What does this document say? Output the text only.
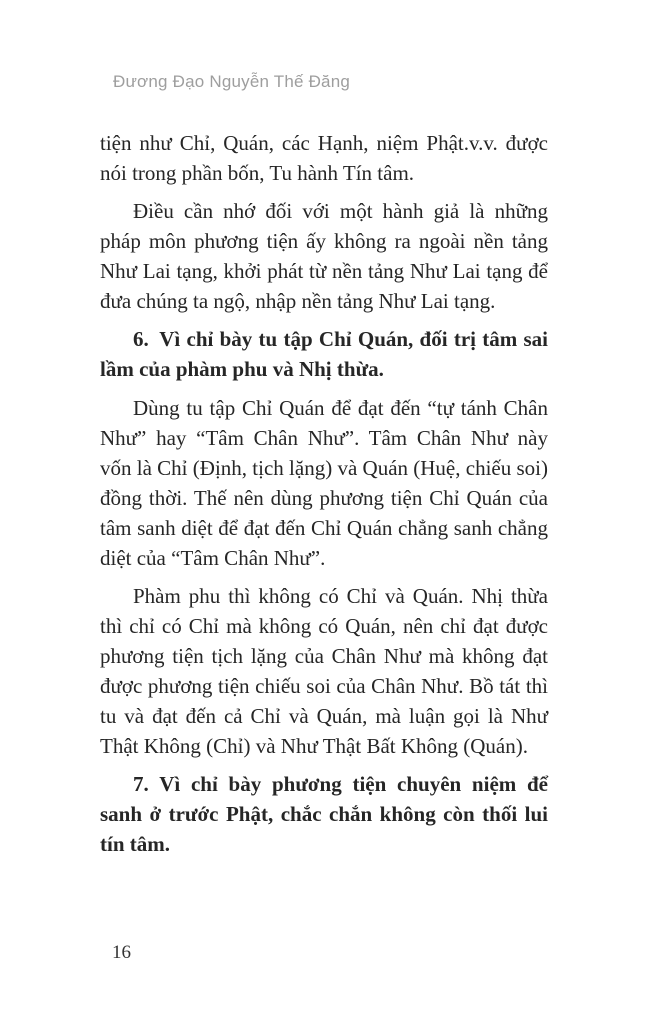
Đương Đạo Nguyễn Thế Đăng

tiện như Chỉ, Quán, các Hạnh, niệm Phật.v.v. được nói trong phần bốn, Tu hành Tín tâm.

Điều cần nhớ đối với một hành giả là những pháp môn phương tiện ấy không ra ngoài nền tảng Như Lai tạng, khởi phát từ nền tảng Như Lai tạng để đưa chúng ta ngộ, nhập nền tảng Như Lai tạng.

6. Vì chỉ bày tu tập Chỉ Quán, đối trị tâm sai lầm của phàm phu và Nhị thừa.

Dùng tu tập Chỉ Quán để đạt đến “tự tánh Chân Như” hay “Tâm Chân Như”. Tâm Chân Như này vốn là Chỉ (Định, tịch lặng) và Quán (Huệ, chiếu soi) đồng thời. Thế nên dùng phương tiện Chỉ Quán của tâm sanh diệt để đạt đến Chỉ Quán chẳng sanh chẳng diệt của “Tâm Chân Như”.

Phàm phu thì không có Chỉ và Quán. Nhị thừa thì chỉ có Chỉ mà không có Quán, nên chỉ đạt được phương tiện tịch lặng của Chân Như mà không đạt được phương tiện chiếu soi của Chân Như. Bồ tát thì tu và đạt đến cả Chỉ và Quán, mà luận gọi là Như Thật Không (Chỉ) và Như Thật Bất Không (Quán).

7. Vì chỉ bày phương tiện chuyên niệm để sanh ở trước Phật, chắc chắn không còn thối lui tín tâm.

16
